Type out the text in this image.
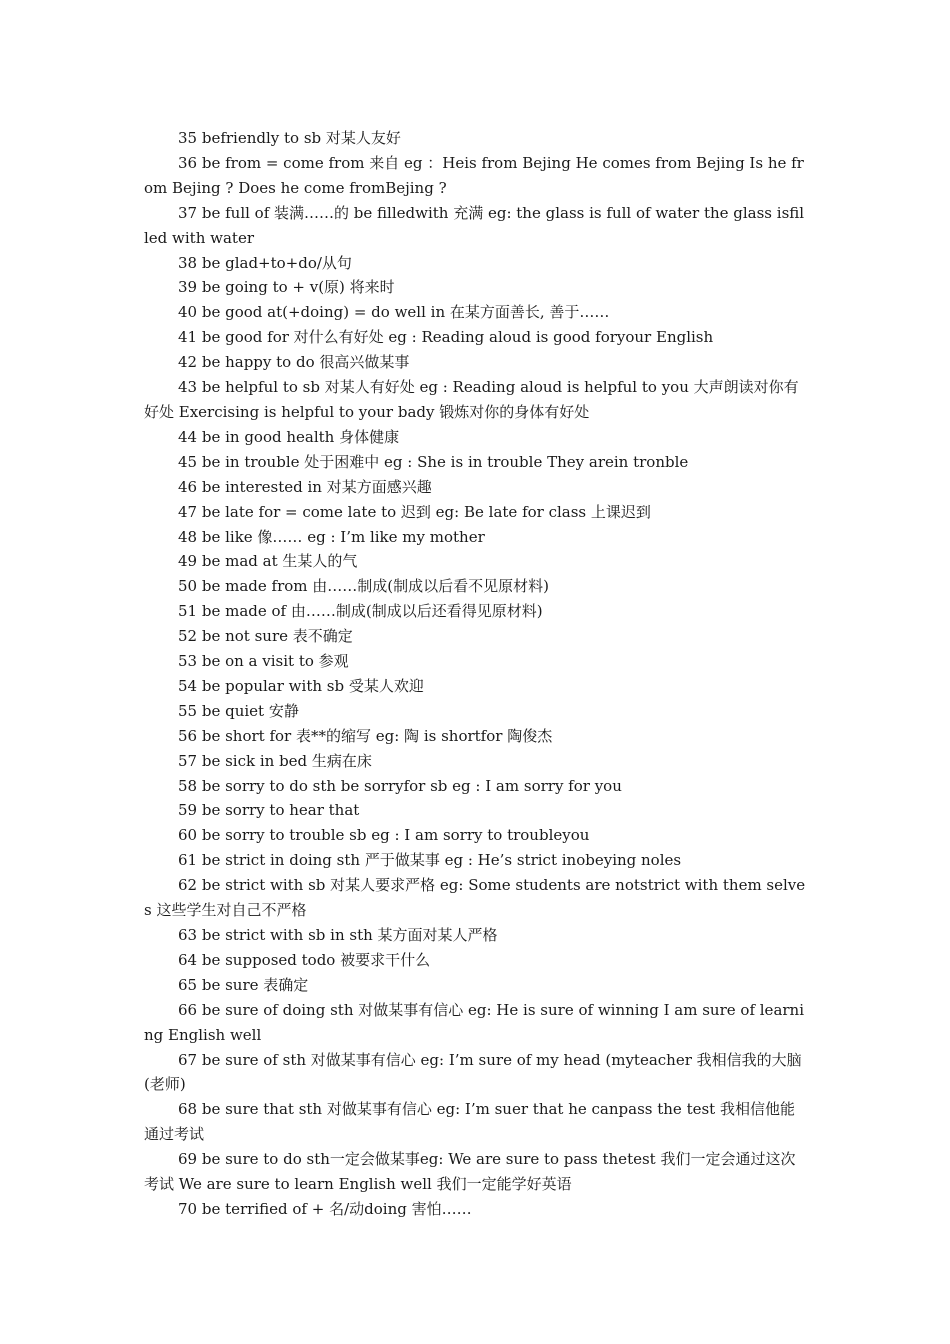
35 befriendly to sb 对某人友好

36 be from = come from 来自 eg ：Heis from Bejing He comes from Bejing Is he from Bejing ? Does he come fromBejing ?

37 be full of 装满……的 be filledwith 充满 eg: the glass is full of water the glass isfilled with water

38 be glad+to+do/从句

39 be going to + v(原) 将来时

40 be good at(+doing) = do well in 在某方面善长, 善于……

41 be good for 对什么有好处 eg : Reading aloud is good foryour English

42 be happy to do 很高兴做某事

43 be helpful to sb 对某人有好处 eg : Reading aloud is helpful to you 大声朗读对你有好处 Exercising is helpful to your bady 锻炼对你的身体有好处

44 be in good health 身体健康

45 be in trouble 处于困难中 eg : She is in trouble They arein tronble

46 be interested in 对某方面感兴趣

47 be late for = come late to 迟到 eg: Be late for class 上课迟到

48 be like 像…… eg : I’m like my mother

49 be mad at 生某人的气

50 be made from 由……制成(制成以后看不见原材料)

51 be made of 由……制成(制成以后还看得见原材料)

52 be not sure 表不确定

53 be on a visit to 参观

54 be popular with sb 受某人欢迎

55 be quiet 安静

56 be short for 表**的缩写 eg: 陶 is shortfor 陶俊杰

57 be sick in bed 生病在床

58 be sorry to do sth be sorryfor sb eg : I am sorry for you

59 be sorry to hear that

60 be sorry to trouble sb eg : I am sorry to troubleyou

61 be strict in doing sth 严于做某事 eg : He’s strict inobeying noles

62 be strict with sb 对某人要求严格 eg: Some students are notstrict with them selves 这些学生对自己不严格

63 be strict with sb in sth 某方面对某人严格

64 be supposed todo 被要求干什么

65 be sure 表确定

66 be sure of doing sth 对做某事有信心 eg: He is sure of winning I am sure of learning English well

67 be sure of sth 对做某事有信心 eg: I’m sure of my head (myteacher 我相信我的大脑(老师)

68 be sure that sth 对做某事有信心 eg: I’m suer that he canpass the test 我相信他能通过考试

69 be sure to do sth一定会做某事eg: We are sure to pass thetest 我们一定会通过这次考试 We are sure to learn English well 我们一定能学好英语

70 be terrified of + 名/动doing 害怕……
